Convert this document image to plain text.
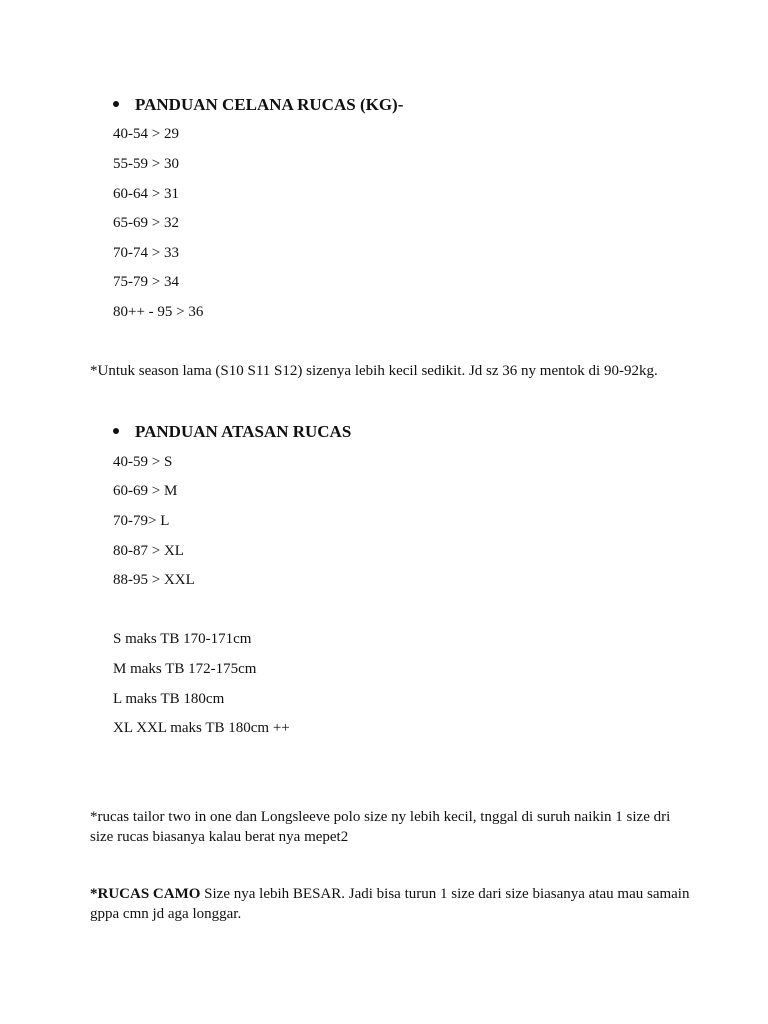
PANDUAN CELANA RUCAS (KG)-
40-54 > 29
55-59 > 30
60-64 > 31
65-69 > 32
70-74 > 33
75-79 > 34
80++ - 95 > 36
*Untuk season lama (S10 S11 S12) sizenya lebih kecil sedikit. Jd sz 36 ny mentok di 90-92kg.
PANDUAN ATASAN RUCAS
40-59 > S
60-69 > M
70-79> L
80-87 > XL
88-95 > XXL
S maks TB 170-171cm
M maks TB 172-175cm
L maks TB 180cm
XL XXL maks TB 180cm ++
*rucas tailor two in one dan Longsleeve polo size ny lebih kecil, tnggal di suruh naikin 1 size dri size rucas biasanya kalau berat nya mepet2
*RUCAS CAMO Size nya lebih BESAR. Jadi bisa turun 1 size dari size biasanya atau mau samain gppa cmn jd aga longgar.
